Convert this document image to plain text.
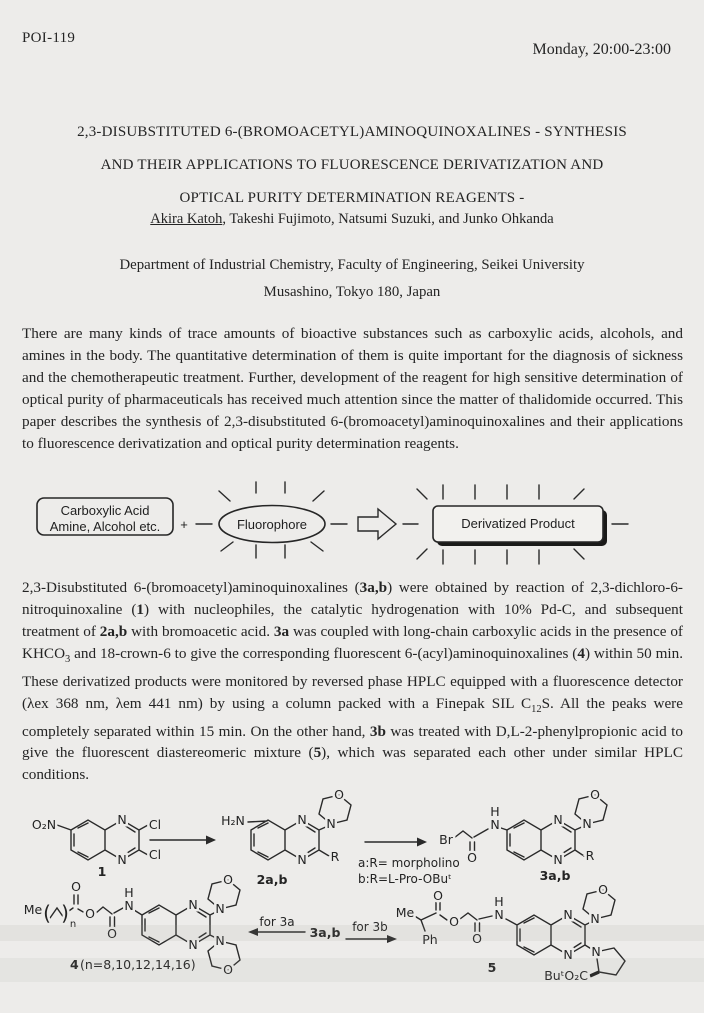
POI-119
Monday, 20:00-23:00
2,3-DISUBSTITUTED 6-(BROMOACETYL)AMINOQUINOXALINES - SYNTHESIS
AND THEIR APPLICATIONS TO FLUORESCENCE DERIVATIZATION AND
OPTICAL PURITY DETERMINATION REAGENTS -
Akira Katoh, Takeshi Fujimoto, Natsumi Suzuki, and Junko Ohkanda
Department of Industrial Chemistry, Faculty of Engineering, Seikei University
Musashino, Tokyo 180, Japan
There are many kinds of trace amounts of bioactive substances such as carboxylic acids, alcohols, and amines in the body. The quantitative determination of them is quite important for the diagnosis of sickness and the chemotherapeutic treatment. Further, development of the reagent for high sensitive determination of optical purity of pharmaceuticals has received much attention since the matter of thalidomide occurred. This paper describes the synthesis of 2,3-disubstituted 6-(bromoacetyl)aminoquinoxalines and their applications to fluorescence derivatization and optical purity determination reagents.
Carboxylic Acid
Amine, Alcohol etc. +	Fluorophore	Derivatized Product
2,3-Disubstituted 6-(bromoacetyl)aminoquinoxalines (3a,b) were obtained by reaction of 2,3-dichloro-6-nitroquinoxaline (1) with nucleophiles, the catalytic hydrogenation with 10% Pd-C, and subsequent treatment of 2a,b with bromoacetic acid. 3a was coupled with long-chain carboxylic acids in the presence of $KHCO_3$ and 18-crown-6 to give the corresponding fluorescent 6-(acyl)aminoquinoxalines (4) within 50 min. These derivatized products were monitored by reversed phase HPLC equipped with a fluorescence detector (λex 368 nm, λem 441 nm) by using a column packed with a Finepak SIL $C_{12}S$. All the peaks were completely separated within 15 min. On the other hand, 3b was treated with D,L-2-phenylpropionic acid to give the fluorescent diastereomeric mixture (5), which was separated each other under similar HPLC conditions.
O₂N	N
N
Cl
Cl
1
H₂N	N
N
N
O
R
2a,b
a:R= morpholino
b:R=L-Pro-OBuᵗ
Br
O
H
N	N
N
N
O
R
3a,b
Me ( ) n
O
O
O
H
N	N
N
N
O
N
O
4 (n=8,10,12,14,16)
for 3a
3a,b for 3b
Me
Ph
O
O
O
H
N	N
N
N
O
N
BuᵗO₂C
5
